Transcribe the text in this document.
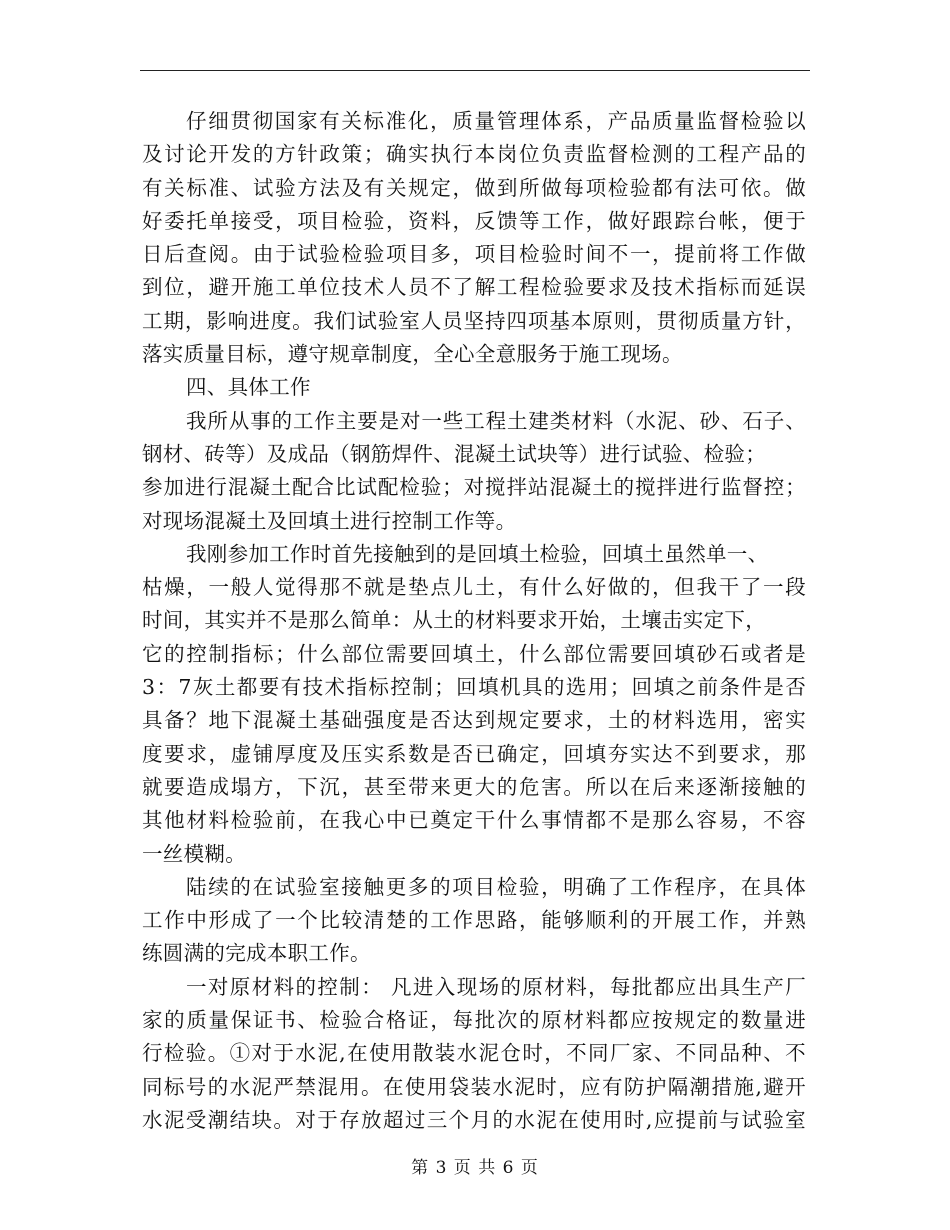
仔细贯彻国家有关标准化，质量管理体系，产品质量监督检验以
及讨论开发的方针政策；确实执行本岗位负责监督检测的工程产品的
有关标准、试验方法及有关规定，做到所做每项检验都有法可依。做
好委托单接受，项目检验，资料，反馈等工作，做好跟踪台帐，便于
日后查阅。由于试验检验项目多，项目检验时间不一，提前将工作做
到位，避开施工单位技术人员不了解工程检验要求及技术指标而延误
工期，影响进度。我们试验室人员坚持四项基本原则，贯彻质量方针，
落实质量目标，遵守规章制度，全心全意服务于施工现场。
四、具体工作
我所从事的工作主要是对一些工程土建类材料（水泥、砂、石子、
钢材、砖等）及成品（钢筋焊件、混凝土试块等）进行试验、检验；
参加进行混凝土配合比试配检验；对搅拌站混凝土的搅拌进行监督控；
对现场混凝土及回填土进行控制工作等。
我刚参加工作时首先接触到的是回填土检验，回填土虽然单一、
枯燥，一般人觉得那不就是垫点儿土，有什么好做的，但我干了一段
时间，其实并不是那么简单：从土的材料要求开始，土壤击实定下，
它的控制指标；什么部位需要回填土，什么部位需要回填砂石或者是
3：7灰土都要有技术指标控制；回填机具的选用；回填之前条件是否
具备？地下混凝土基础强度是否达到规定要求，土的材料选用，密实
度要求，虚铺厚度及压实系数是否已确定，回填夯实达不到要求，那
就要造成塌方，下沉，甚至带来更大的危害。所以在后来逐渐接触的
其他材料检验前，在我心中已奠定干什么事情都不是那么容易，不容
一丝模糊。
陆续的在试验室接触更多的项目检验，明确了工作程序，在具体
工作中形成了一个比较清楚的工作思路，能够顺利的开展工作，并熟
练圆满的完成本职工作。
一对原材料的控制： 凡进入现场的原材料，每批都应出具生产厂
家的质量保证书、检验合格证，每批次的原材料都应按规定的数量进
行检验。①对于水泥,在使用散装水泥仓时，不同厂家、不同品种、不
同标号的水泥严禁混用。在使用袋装水泥时，应有防护隔潮措施,避开
水泥受潮结块。对于存放超过三个月的水泥在使用时,应提前与试验室
第 3 页 共 6 页
